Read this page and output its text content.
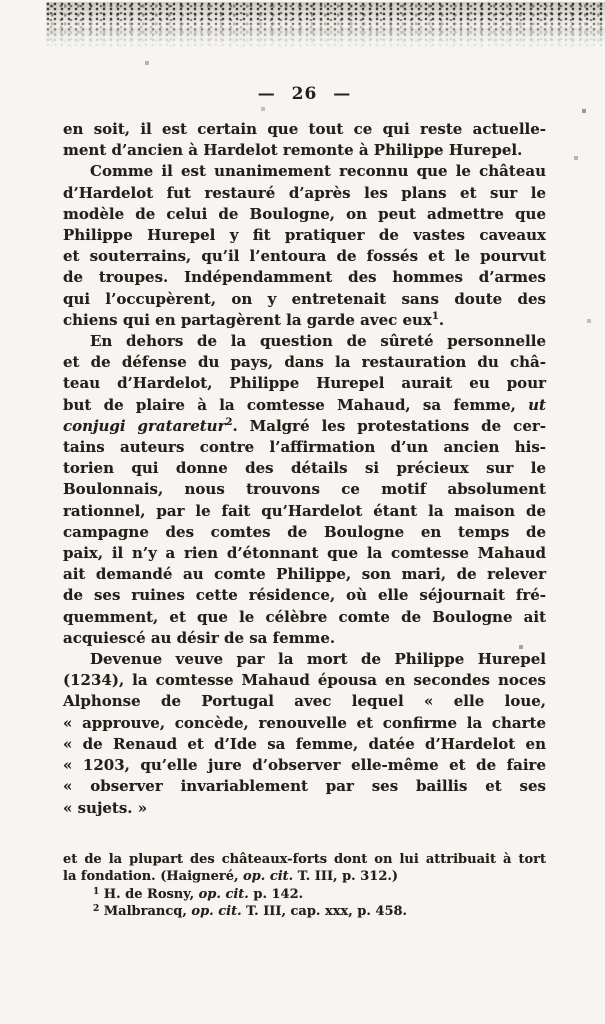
— 26 —
en soit, il est certain que tout ce qui reste actuelle-
ment d’ancien à Hardelot remonte à Philippe Hurepel.
Comme il est unanimement reconnu que le château
d’Hardelot fut restauré d’après les plans et sur le
modèle de celui de Boulogne, on peut admettre que
Philippe Hurepel y fit pratiquer de vastes caveaux
et souterrains, qu’il l’entoura de fossés et le pourvut
de troupes. Indépendamment des hommes d’armes
qui l’occupèrent, on y entretenait sans doute des
chiens qui en partagèrent la garde avec eux$^1$.
En dehors de la question de sûreté personnelle
et de défense du pays, dans la restauration du châ-
teau d’Hardelot, Philippe Hurepel aurait eu pour
but de plaire à la comtesse Mahaud, sa femme, ut
conjugi grataretur$^2$. Malgré les protestations de cer-
tains auteurs contre l’affirmation d’un ancien his-
torien qui donne des détails si précieux sur le
Boulonnais, nous trouvons ce motif absolument
rationnel, par le fait qu’Hardelot étant la maison de
campagne des comtes de Boulogne en temps de
paix, il n’y a rien d’étonnant que la comtesse Mahaud
ait demandé au comte Philippe, son mari, de relever
de ses ruines cette résidence, où elle séjournait fré-
quemment, et que le célèbre comte de Boulogne ait
acquiescé au désir de sa femme.
Devenue veuve par la mort de Philippe Hurepel
(1234), la comtesse Mahaud épousa en secondes noces
Alphonse de Portugal avec lequel « elle loue,
« approuve, concède, renouvelle et confirme la charte
« de Renaud et d’Ide sa femme, datée d’Hardelot en
« 1203, qu’elle jure d’observer elle-même et de faire
« observer invariablement par ses baillis et ses
« sujets. »
et de la plupart des châteaux-forts dont on lui attribuait à tort
la fondation. (Haigneré, op. cit. T. III, p. 312.)
$^1$ H. de Rosny, op. cit. p. 142.
$^2$ Malbrancq, op. cit. T. III, cap. xxx, p. 458.
